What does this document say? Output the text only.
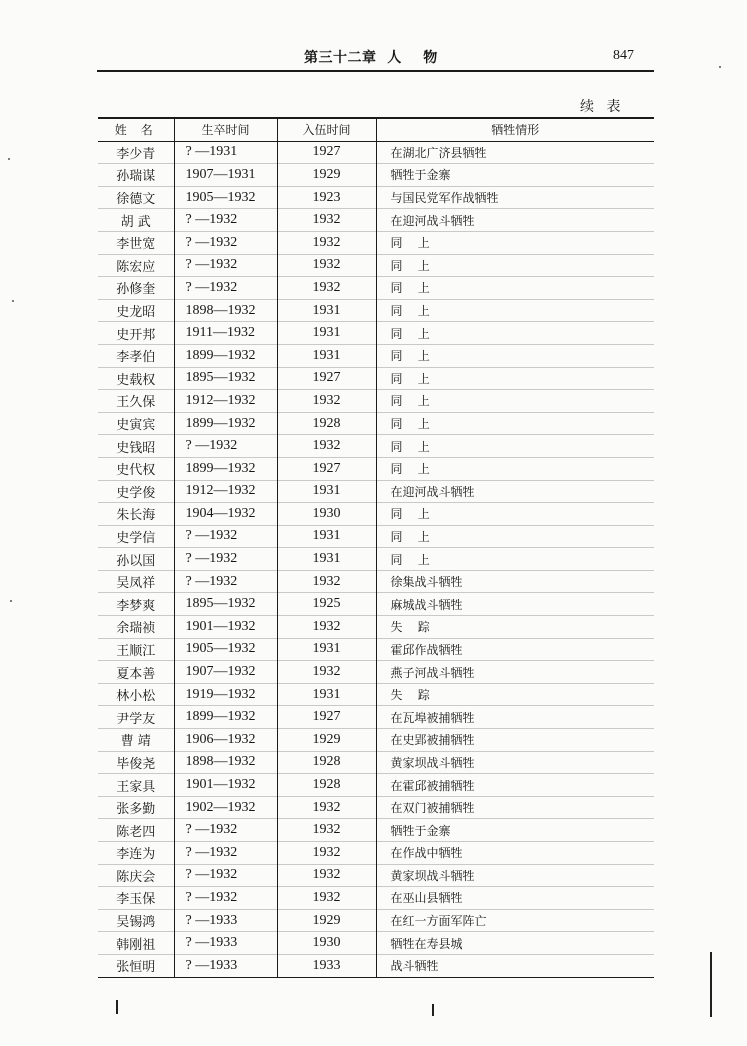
第三十二章  人    物	847
续 表
姓名	生卒时间	入伍时间	牺牲情形
李少青	? —1931	1927	在湖北广济县牺牲
孙瑞谋	1907—1931	1929	牺牲于金寨
徐德文	1905—1932	1923	与国民党军作战牺牲
胡 武	? —1932	1932	在迎河战斗牺牲
李世宽	? —1932	1932	同    上
陈宏应	? —1932	1932	同    上
孙修奎	? —1932	1932	同    上
史龙昭	1898—1932	1931	同    上
史开邦	1911—1932	1931	同    上
李孝伯	1899—1932	1931	同    上
史载权	1895—1932	1927	同    上
王久保	1912—1932	1932	同    上
史寅宾	1899—1932	1928	同    上
史钱昭	? —1932	1932	同    上
史代权	1899—1932	1927	同    上
史学俊	1912—1932	1931	在迎河战斗牺牲
朱长海	1904—1932	1930	同    上
史学信	? —1932	1931	同    上
孙以国	? —1932	1931	同    上
吴凤祥	? —1932	1932	徐集战斗牺牲
李梦爽	1895—1932	1925	麻城战斗牺牲
余瑞祯	1901—1932	1932	失    踪
王顺江	1905—1932	1931	霍邱作战牺牲
夏本善	1907—1932	1932	燕子河战斗牺牲
林小松	1919—1932	1931	失    踪
尹学友	1899—1932	1927	在瓦埠被捕牺牲
曹 靖	1906—1932	1929	在史郢被捕牺牲
毕俊尧	1898—1932	1928	黄家坝战斗牺牲
王家具	1901—1932	1928	在霍邱被捕牺牲
张多勤	1902—1932	1932	在双门被捕牺牲
陈老四	? —1932	1932	牺牲于金寨
李连为	? —1932	1932	在作战中牺牲
陈庆会	? —1932	1932	黄家坝战斗牺牲
李玉保	? —1932	1932	在巫山县牺牲
吴锡鸿	? —1933	1929	在红一方面军阵亡
韩刚祖	? —1933	1930	牺牲在寿县城
张恒明	? —1933	1933	战斗牺牲
